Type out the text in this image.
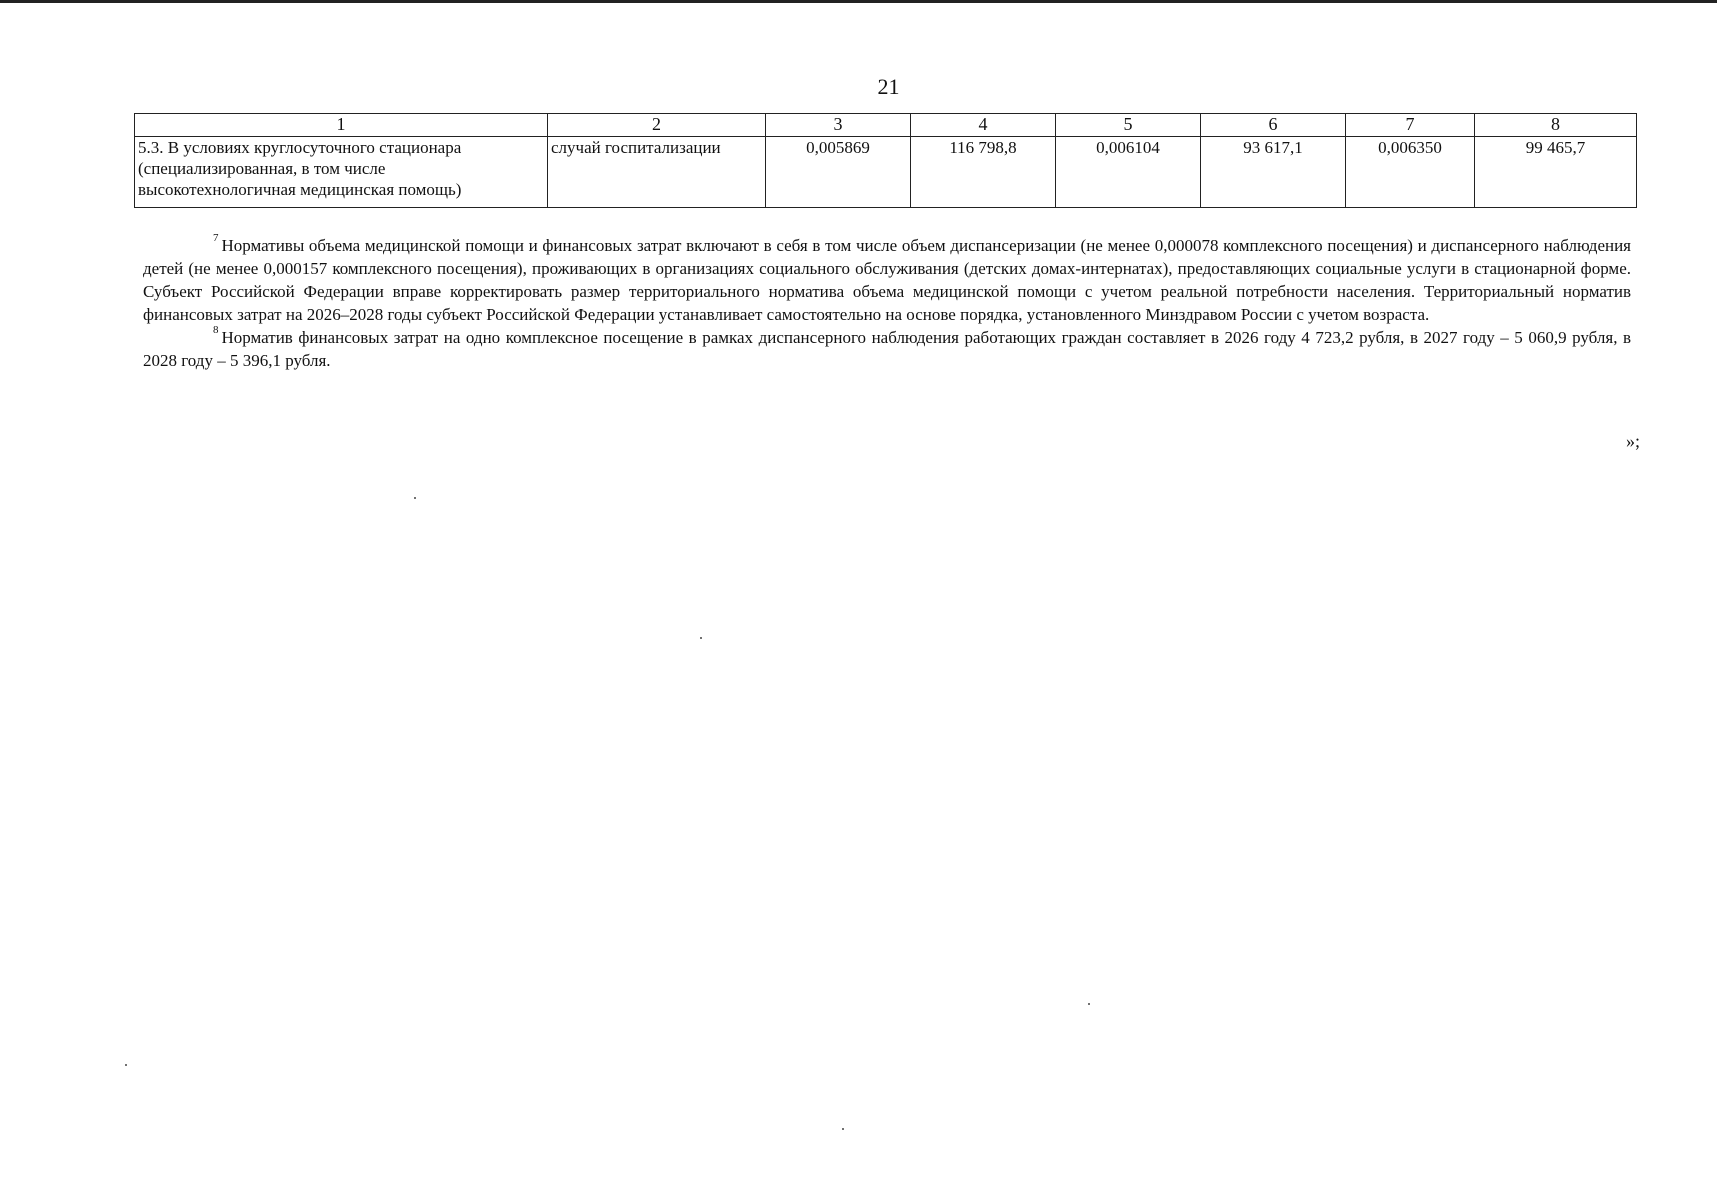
21
1	2	3	4	5	6	7	8
5.3. В условиях круглосуточного стационара (специализированная, в том числе высокотехнологичная медицинская помощь)	случай госпитализации	0,005869	116 798,8	0,006104	93 617,1	0,006350	99 465,7

$^7$ Нормативы объема медицинской помощи и финансовых затрат включают в себя в том числе объем диспансеризации (не менее 0,000078 комплексного посещения) и диспансерного наблюдения детей (не менее 0,000157 комплексного посещения), проживающих в организациях социального обслуживания (детских домах-интернатах), предоставляющих социальные услуги в стационарной форме. Субъект Российской Федерации вправе корректировать размер территориального норматива объема медицинской помощи с учетом реальной потребности населения. Территориальный норматив финансовых затрат на 2026–2028 годы субъект Российской Федерации устанавливает самостоятельно на основе порядка, установленного Минздравом России с учетом возраста.

$^8$ Норматив финансовых затрат на одно комплексное посещение в рамках диспансерного наблюдения работающих граждан составляет в 2026 году 4 723,2 рубля, в 2027 году – 5 060,9 рубля, в 2028 году – 5 396,1 рубля.

»;
